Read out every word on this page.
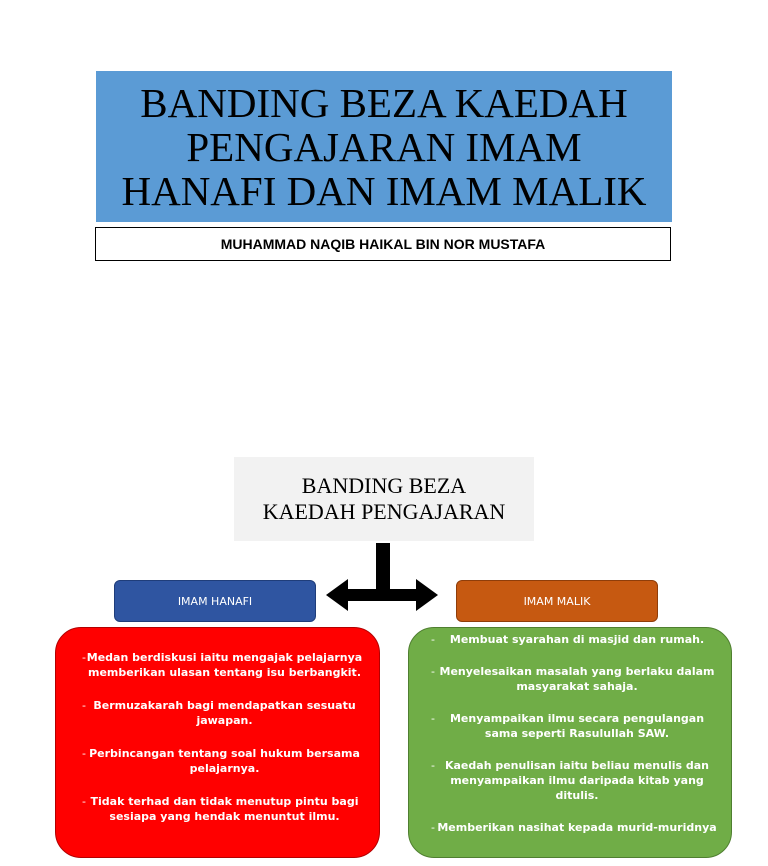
BANDING BEZA KAEDAH
PENGAJARAN IMAM
HANAFI DAN IMAM MALIK
MUHAMMAD NAQIB HAIKAL BIN NOR MUSTAFA
BANDING BEZA
KAEDAH PENGAJARAN
IMAM HANAFI	IMAM MALIK
- Medan berdiskusi iaitu mengajak pelajarnya memberikan ulasan tentang isu berbangkit.
- Bermuzakarah bagi mendapatkan sesuatu jawapan.
- Perbincangan tentang soal hukum bersama pelajarnya.
- Tidak terhad dan tidak menutup pintu bagi sesiapa yang hendak menuntut ilmu.
- Membuat syarahan di masjid dan rumah.
- Menyelesaikan masalah yang berlaku dalam masyarakat sahaja.
- Menyampaikan ilmu secara pengulangan sama seperti Rasulullah SAW.
- Kaedah penulisan iaitu beliau menulis dan menyampaikan ilmu daripada kitab yang ditulis.
- Memberikan nasihat kepada murid-muridnya
